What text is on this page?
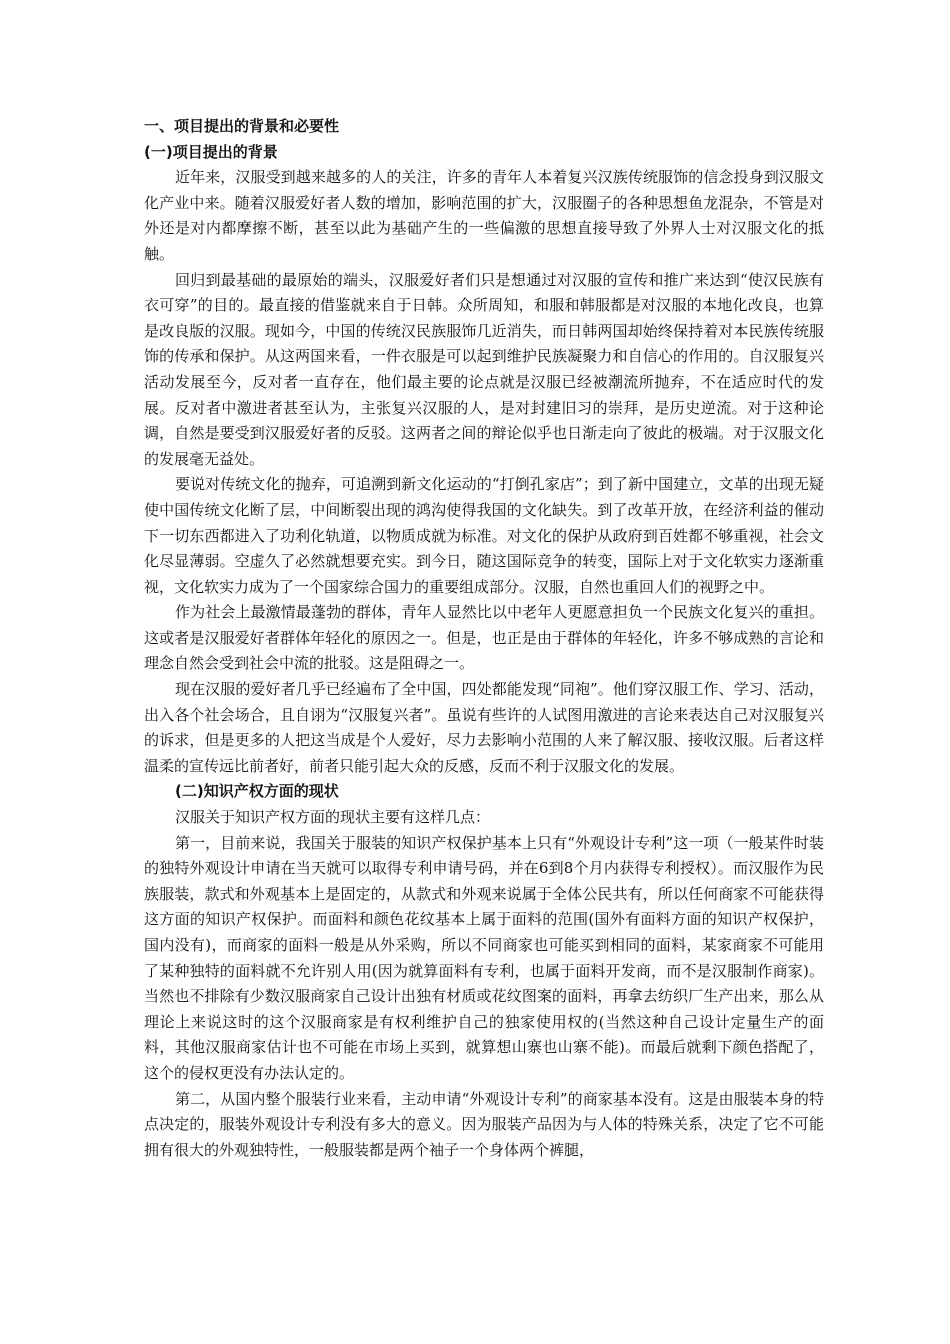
一、项目提出的背景和必要性
(一)项目提出的背景

近年来，汉服受到越来越多的人的关注，许多的青年人本着复兴汉族传统服饰的信念投身到汉服文化产业中来。随着汉服爱好者人数的增加，影响范围的扩大，汉服圈子的各种思想鱼龙混杂，不管是对外还是对内都摩擦不断，甚至以此为基础产生的一些偏激的思想直接导致了外界人士对汉服文化的抵触。

回归到最基础的最原始的端头，汉服爱好者们只是想通过对汉服的宣传和推广来达到“使汉民族有衣可穿”的目的。最直接的借鉴就来自于日韩。众所周知，和服和韩服都是对汉服的本地化改良，也算是改良版的汉服。现如今，中国的传统汉民族服饰几近消失，而日韩两国却始终保持着对本民族传统服饰的传承和保护。从这两国来看，一件衣服是可以起到维护民族凝聚力和自信心的作用的。自汉服复兴活动发展至今，反对者一直存在，他们最主要的论点就是汉服已经被潮流所抛弃，不在适应时代的发展。反对者中激进者甚至认为，主张复兴汉服的人，是对封建旧习的崇拜，是历史逆流。对于这种论调，自然是要受到汉服爱好者的反驳。这两者之间的辩论似乎也日渐走向了彼此的极端。对于汉服文化的发展毫无益处。

要说对传统文化的抛弃，可追溯到新文化运动的“打倒孔家店”；到了新中国建立，文革的出现无疑使中国传统文化断了层，中间断裂出现的鸿沟使得我国的文化缺失。到了改革开放，在经济利益的催动下一切东西都进入了功利化轨道，以物质成就为标准。对文化的保护从政府到百姓都不够重视，社会文化尽显薄弱。空虚久了必然就想要充实。到今日，随这国际竞争的转变，国际上对于文化软实力逐渐重视，文化软实力成为了一个国家综合国力的重要组成部分。汉服，自然也重回人们的视野之中。

作为社会上最激情最蓬勃的群体，青年人显然比以中老年人更愿意担负一个民族文化复兴的重担。这或者是汉服爱好者群体年轻化的原因之一。但是，也正是由于群体的年轻化，许多不够成熟的言论和理念自然会受到社会中流的批驳。这是阻碍之一。

现在汉服的爱好者几乎已经遍布了全中国，四处都能发现“同袍”。他们穿汉服工作、学习、活动，出入各个社会场合，且自诩为“汉服复兴者”。虽说有些许的人试图用激进的言论来表达自己对汉服复兴的诉求，但是更多的人把这当成是个人爱好，尽力去影响小范围的人来了解汉服、接收汉服。后者这样温柔的宣传远比前者好，前者只能引起大众的反感，反而不利于汉服文化的发展。

(二)知识产权方面的现状

汉服关于知识产权方面的现状主要有这样几点：

第一，目前来说，我国关于服装的知识产权保护基本上只有“外观设计专利”这一项（一般某件时装的独特外观设计申请在当天就可以取得专利申请号码，并在6到8个月内获得专利授权）。而汉服作为民族服装，款式和外观基本上是固定的，从款式和外观来说属于全体公民共有，所以任何商家不可能获得这方面的知识产权保护。而面料和颜色花纹基本上属于面料的范围(国外有面料方面的知识产权保护，国内没有)，而商家的面料一般是从外采购，所以不同商家也可能买到相同的面料，某家商家不可能用了某种独特的面料就不允许别人用(因为就算面料有专利，也属于面料开发商，而不是汉服制作商家)。当然也不排除有少数汉服商家自己设计出独有材质或花纹图案的面料，再拿去纺织厂生产出来，那么从理论上来说这时的这个汉服商家是有权利维护自己的独家使用权的(当然这种自己设计定量生产的面料，其他汉服商家估计也不可能在市场上买到，就算想山寨也山寨不能)。而最后就剩下颜色搭配了，这个的侵权更没有办法认定的。

第二，从国内整个服装行业来看，主动申请“外观设计专利”的商家基本没有。这是由服装本身的特点决定的，服装外观设计专利没有多大的意义。因为服装产品因为与人体的特殊关系，决定了它不可能拥有很大的外观独特性，一般服装都是两个袖子一个身体两个裤腿，
